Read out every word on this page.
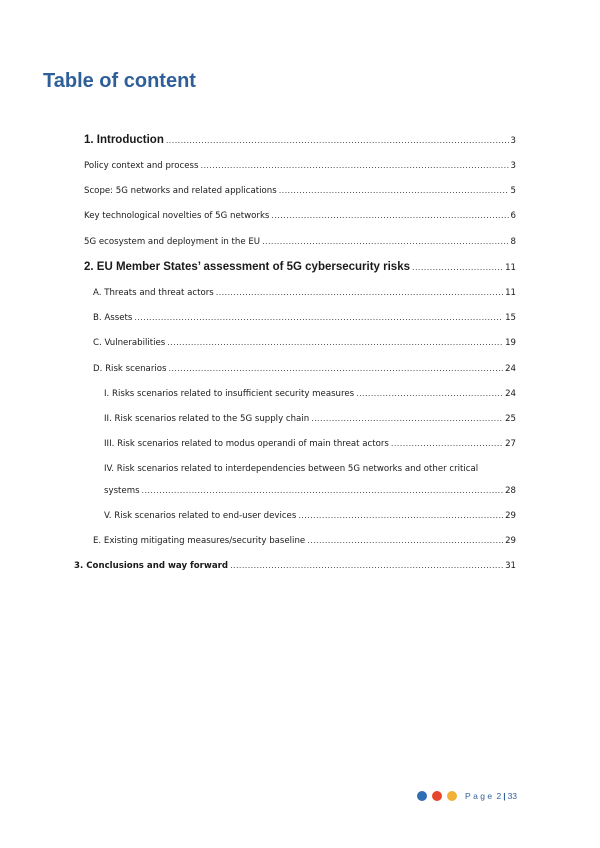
Table of content
1. Introduction .....	3
Policy context and process .....	3
Scope: 5G networks and related applications .....	5
Key technological novelties of 5G networks .....	6
5G ecosystem and deployment in the EU .....	8
2. EU Member States’ assessment of 5G cybersecurity risks .....	11
A. Threats and threat actors .....	11
B. Assets .....	15
C. Vulnerabilities .....	19
D. Risk scenarios .....	24
I. Risks scenarios related to insufficient security measures .....	24
II. Risk scenarios related to the 5G supply chain .....	25
III. Risk scenarios related to modus operandi of main threat actors .....	27
IV. Risk scenarios related to interdependencies between 5G networks and other critical
systems .....	28
V. Risk scenarios related to end-user devices .....	29
E. Existing mitigating measures/security baseline .....	29
3. Conclusions and way forward .....	31
Page 2 | 33
